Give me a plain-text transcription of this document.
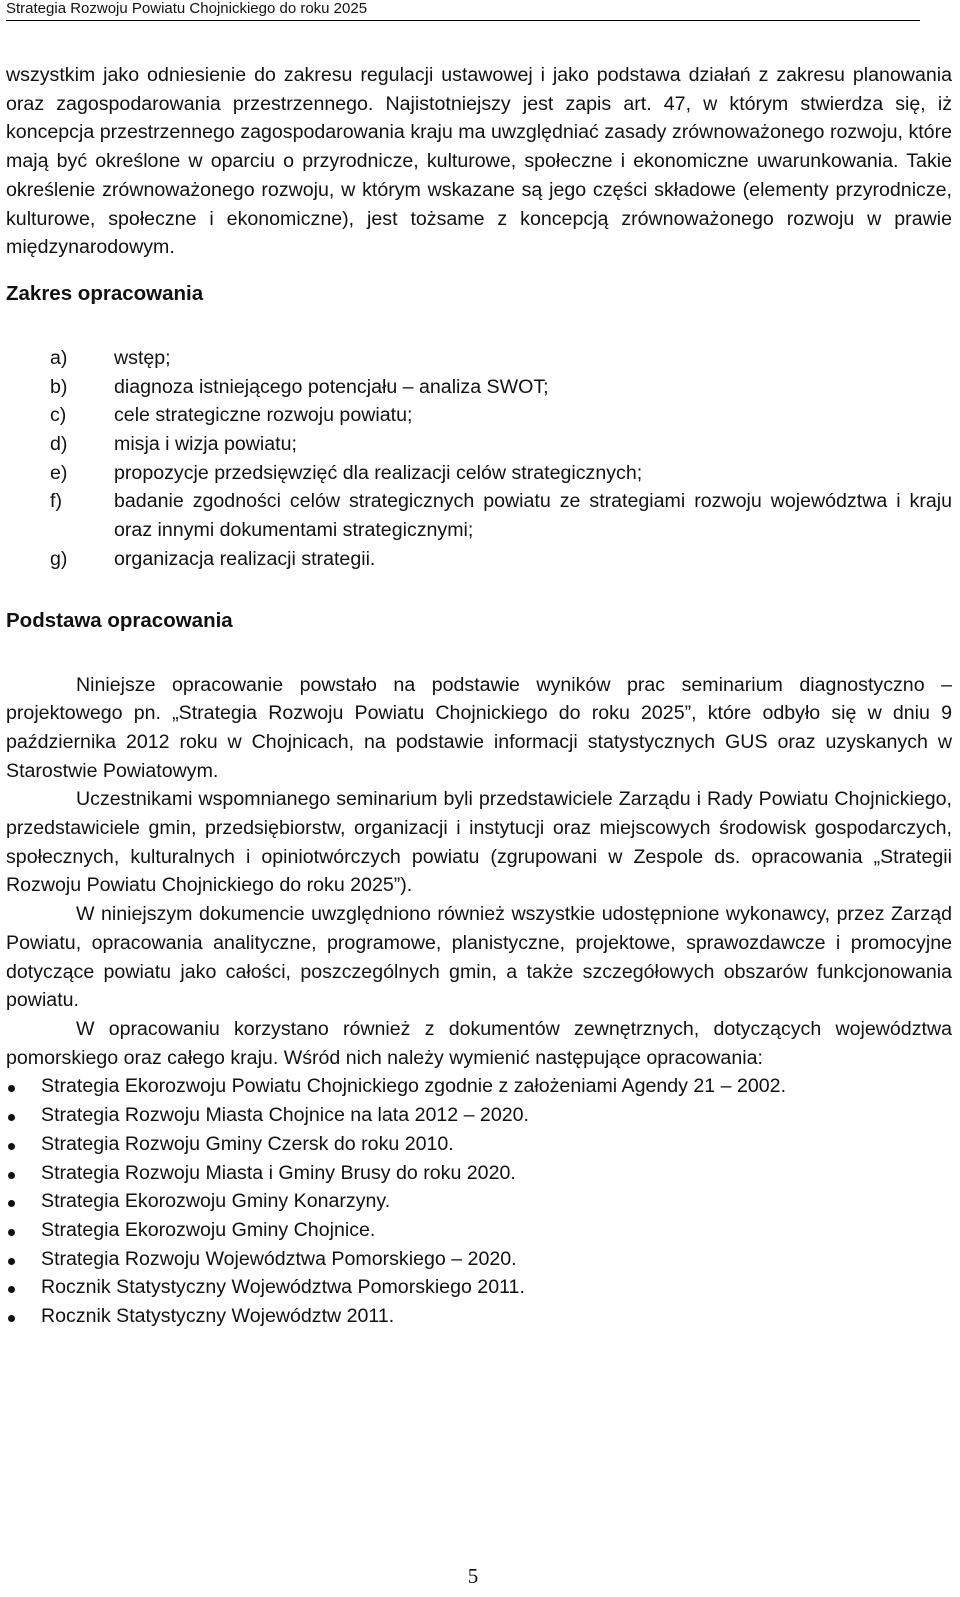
Strategia Rozwoju Powiatu Chojnickiego do roku 2025

wszystkim jako odniesienie do zakresu regulacji ustawowej i jako podstawa działań z zakresu planowania oraz zagospodarowania przestrzennego. Najistotniejszy jest zapis art. 47, w którym stwierdza się, iż koncepcja przestrzennego zagospodarowania kraju ma uwzględniać zasady zrównoważonego rozwoju, które mają być określone w oparciu o przyrodnicze, kulturowe, społeczne i ekonomiczne uwarunkowania. Takie określenie zrównoważonego rozwoju, w którym wskazane są jego części składowe (elementy przyrodnicze, kulturowe, społeczne i ekonomiczne), jest tożsame z koncepcją zrównoważonego rozwoju w prawie międzynarodowym.

Zakres opracowania
a) wstęp;
b) diagnoza istniejącego potencjału – analiza SWOT;
c) cele strategiczne rozwoju powiatu;
d) misja i wizja powiatu;
e) propozycje przedsięwzięć dla realizacji celów strategicznych;
f)	badanie zgodności celów strategicznych powiatu ze strategiami rozwoju województwa i kraju oraz innymi dokumentami strategicznymi;
g) organizacja realizacji strategii.
Podstawa opracowania

Niniejsze opracowanie powstało na podstawie wyników prac seminarium diagnostyczno – projektowego pn. „Strategia Rozwoju Powiatu Chojnickiego do roku 2025”, które odbyło się w dniu 9 października 2012 roku w Chojnicach, na podstawie informacji statystycznych GUS oraz uzyskanych w Starostwie Powiatowym.

Uczestnikami wspomnianego seminarium byli przedstawiciele Zarządu i Rady Powiatu Chojnickiego, przedstawiciele gmin, przedsiębiorstw, organizacji i instytucji oraz miejscowych środowisk gospodarczych, społecznych, kulturalnych i opiniotwórczych powiatu (zgrupowani w Zespole ds. opracowania „Strategii Rozwoju Powiatu Chojnickiego do roku 2025”).

W niniejszym dokumencie uwzględniono również wszystkie udostępnione wykonawcy, przez Zarząd Powiatu, opracowania analityczne, programowe, planistyczne, projektowe, sprawozdawcze i promocyjne dotyczące powiatu jako całości, poszczególnych gmin, a także szczegółowych obszarów funkcjonowania powiatu.

W opracowaniu korzystano również z dokumentów zewnętrznych, dotyczących województwa pomorskiego oraz całego kraju. Wśród nich należy wymienić następujące opracowania:

Strategia Ekorozwoju Powiatu Chojnickiego zgodnie z założeniami Agendy 21 – 2002.
Strategia Rozwoju Miasta Chojnice na lata 2012 – 2020.
Strategia Rozwoju Gminy Czersk do roku 2010.
Strategia Rozwoju Miasta i Gminy Brusy do roku 2020.
Strategia Ekorozwoju Gminy Konarzyny.
Strategia Ekorozwoju Gminy Chojnice.
Strategia Rozwoju Województwa Pomorskiego – 2020.
Rocznik Statystyczny Województwa Pomorskiego 2011.
Rocznik Statystyczny Województw 2011.
5
